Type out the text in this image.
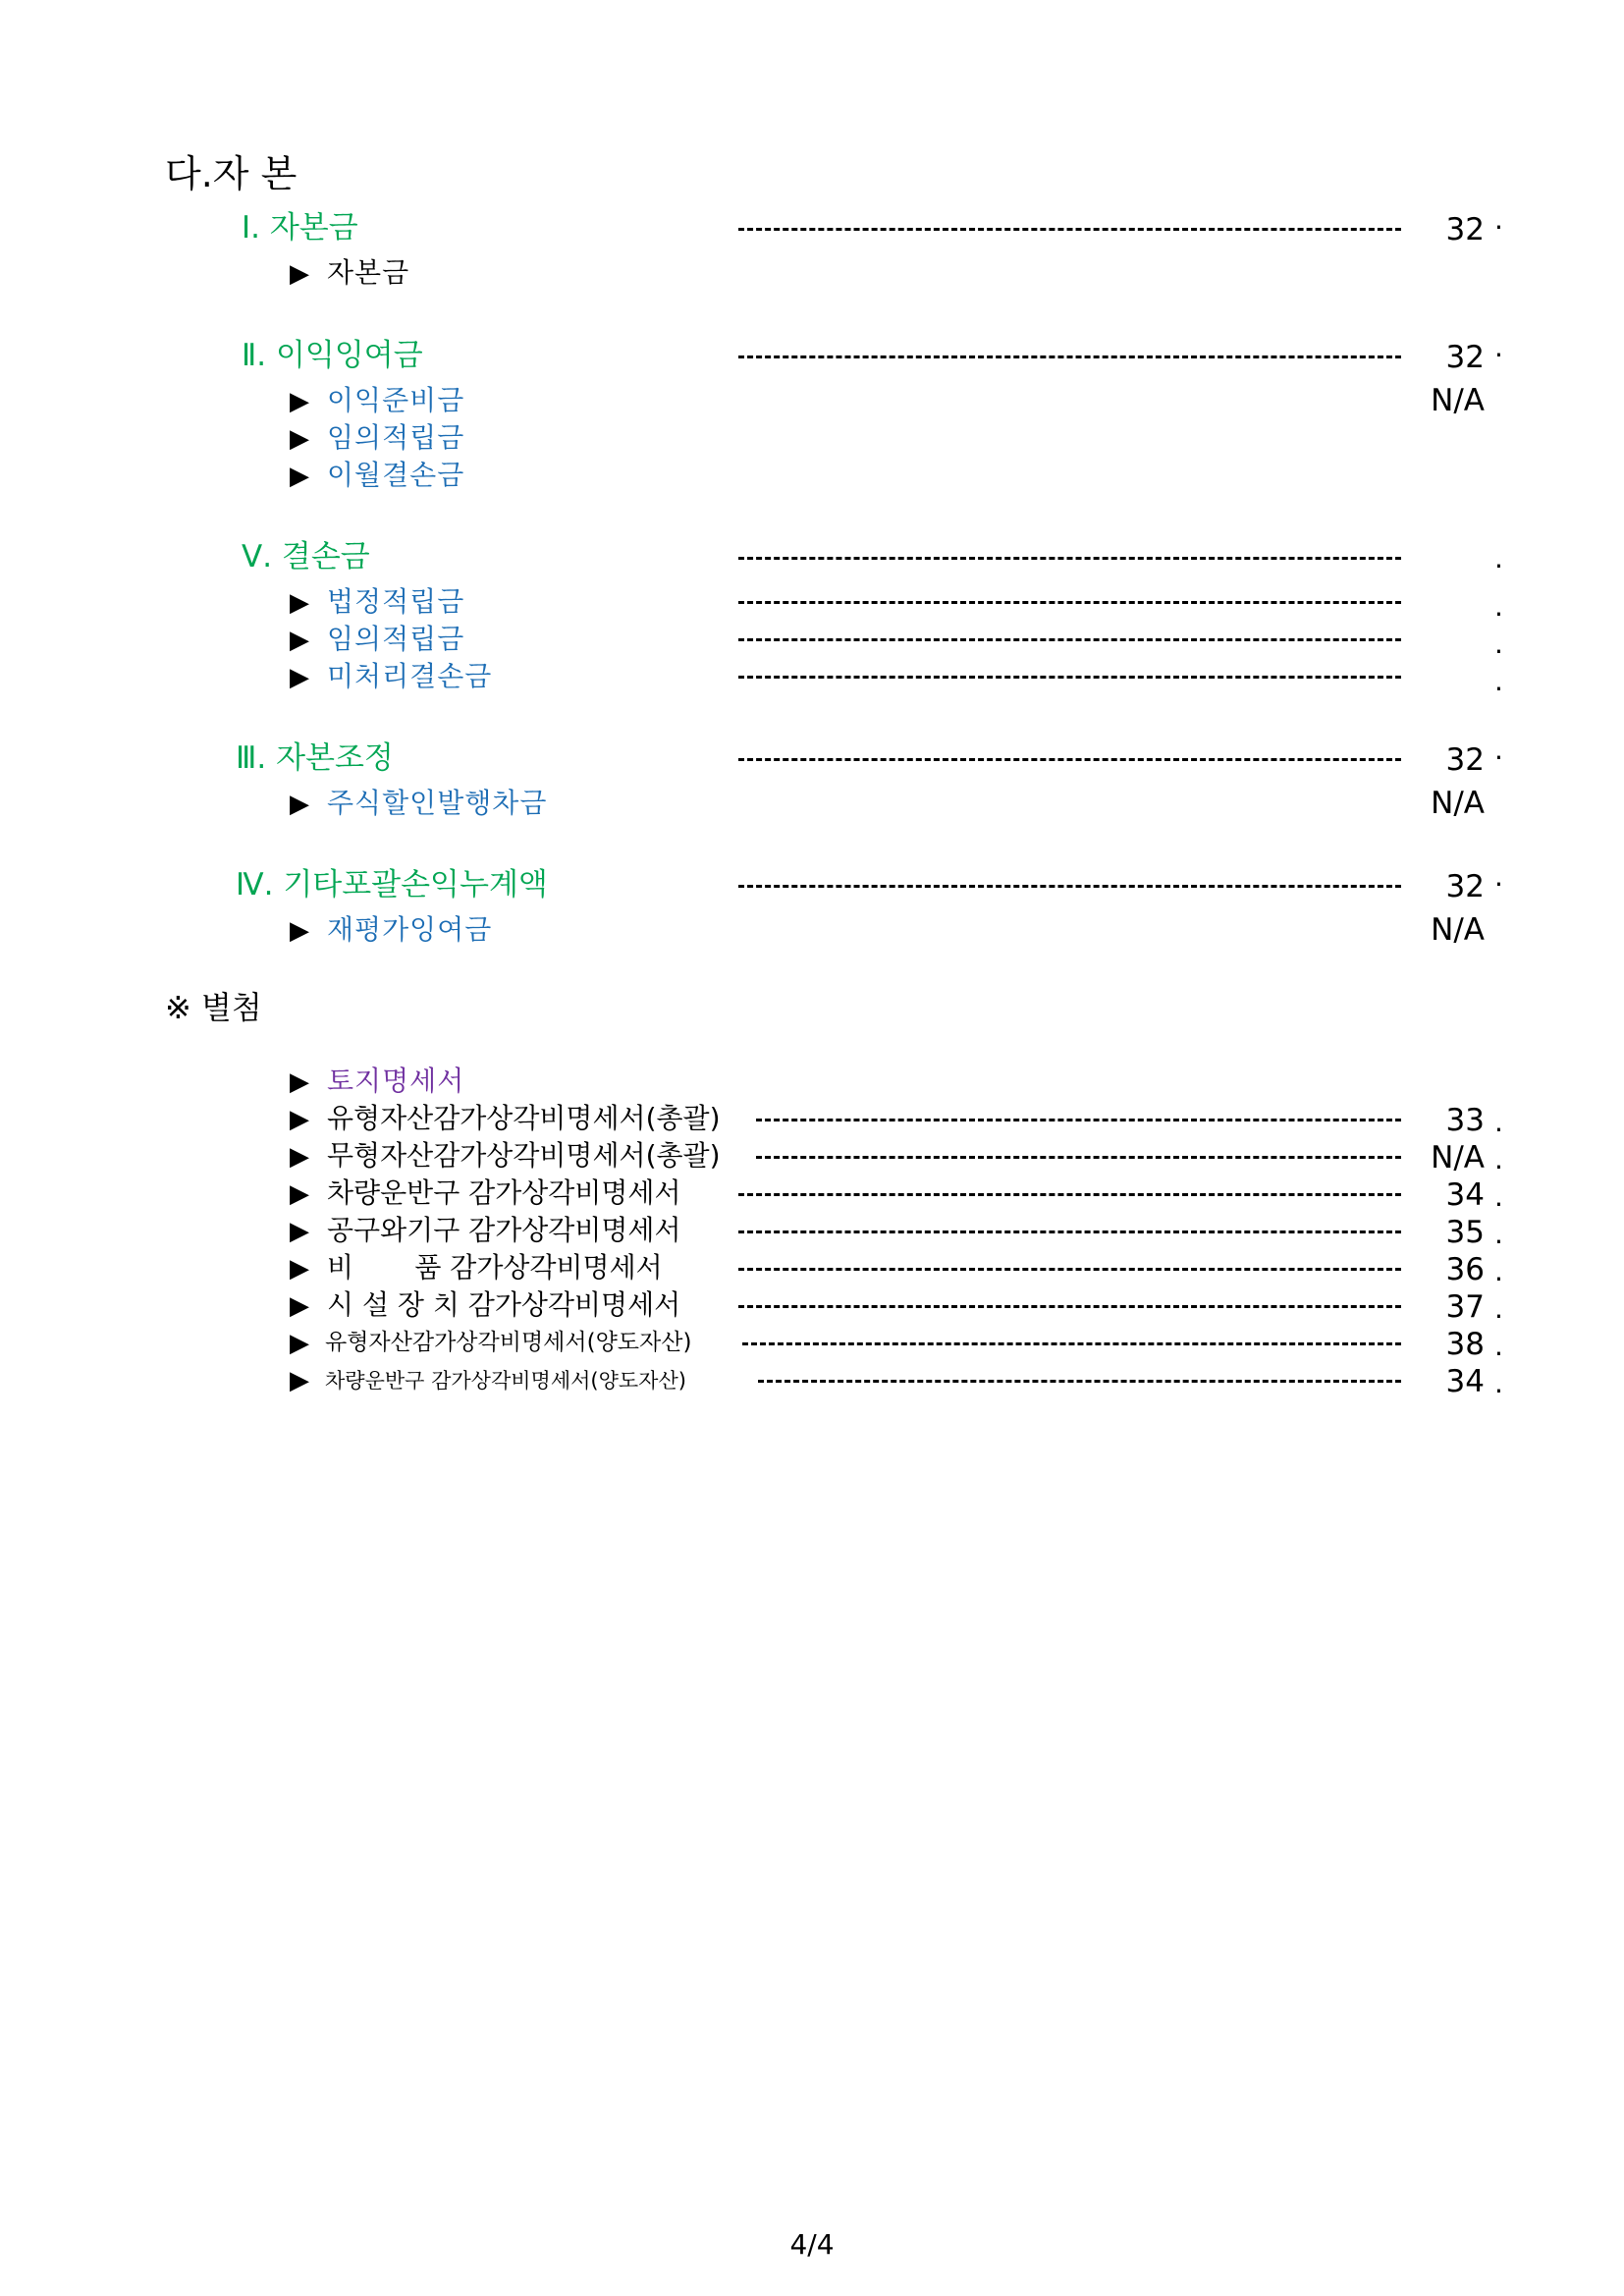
다.자 본
Ⅰ. 자본금	32 ·
▶ 자본금
Ⅱ. 이익잉여금	32 ·
▶ 이익준비금	N/A
▶ 임의적립금
▶ 이월결손금
Ⅴ. 결손금	.
▶ 법정적립금	.
▶ 임의적립금	.
▶ 미처리결손금	.
Ⅲ. 자본조정	32 ·
▶ 주식할인발행차금	N/A
Ⅳ. 기타포괄손익누계액	32 ·
▶ 재평가잉여금	N/A
※ 별첨
▶ 토지명세서
▶ 유형자산감가상각비명세서(총괄)	33 .
▶ 무형자산감가상각비명세서(총괄)	N/A .
▶ 차량운반구 감가상각비명세서	34 .
▶ 공구와기구 감가상각비명세서	35 .
▶ 비       품 감가상각비명세서	36 .
▶ 시 설 장 치 감가상각비명세서	37 .
▶ 유형자산감가상각비명세서(양도자산)	38 .
▶ 차량운반구 감가상각비명세서(양도자산)	34 .
4/4
